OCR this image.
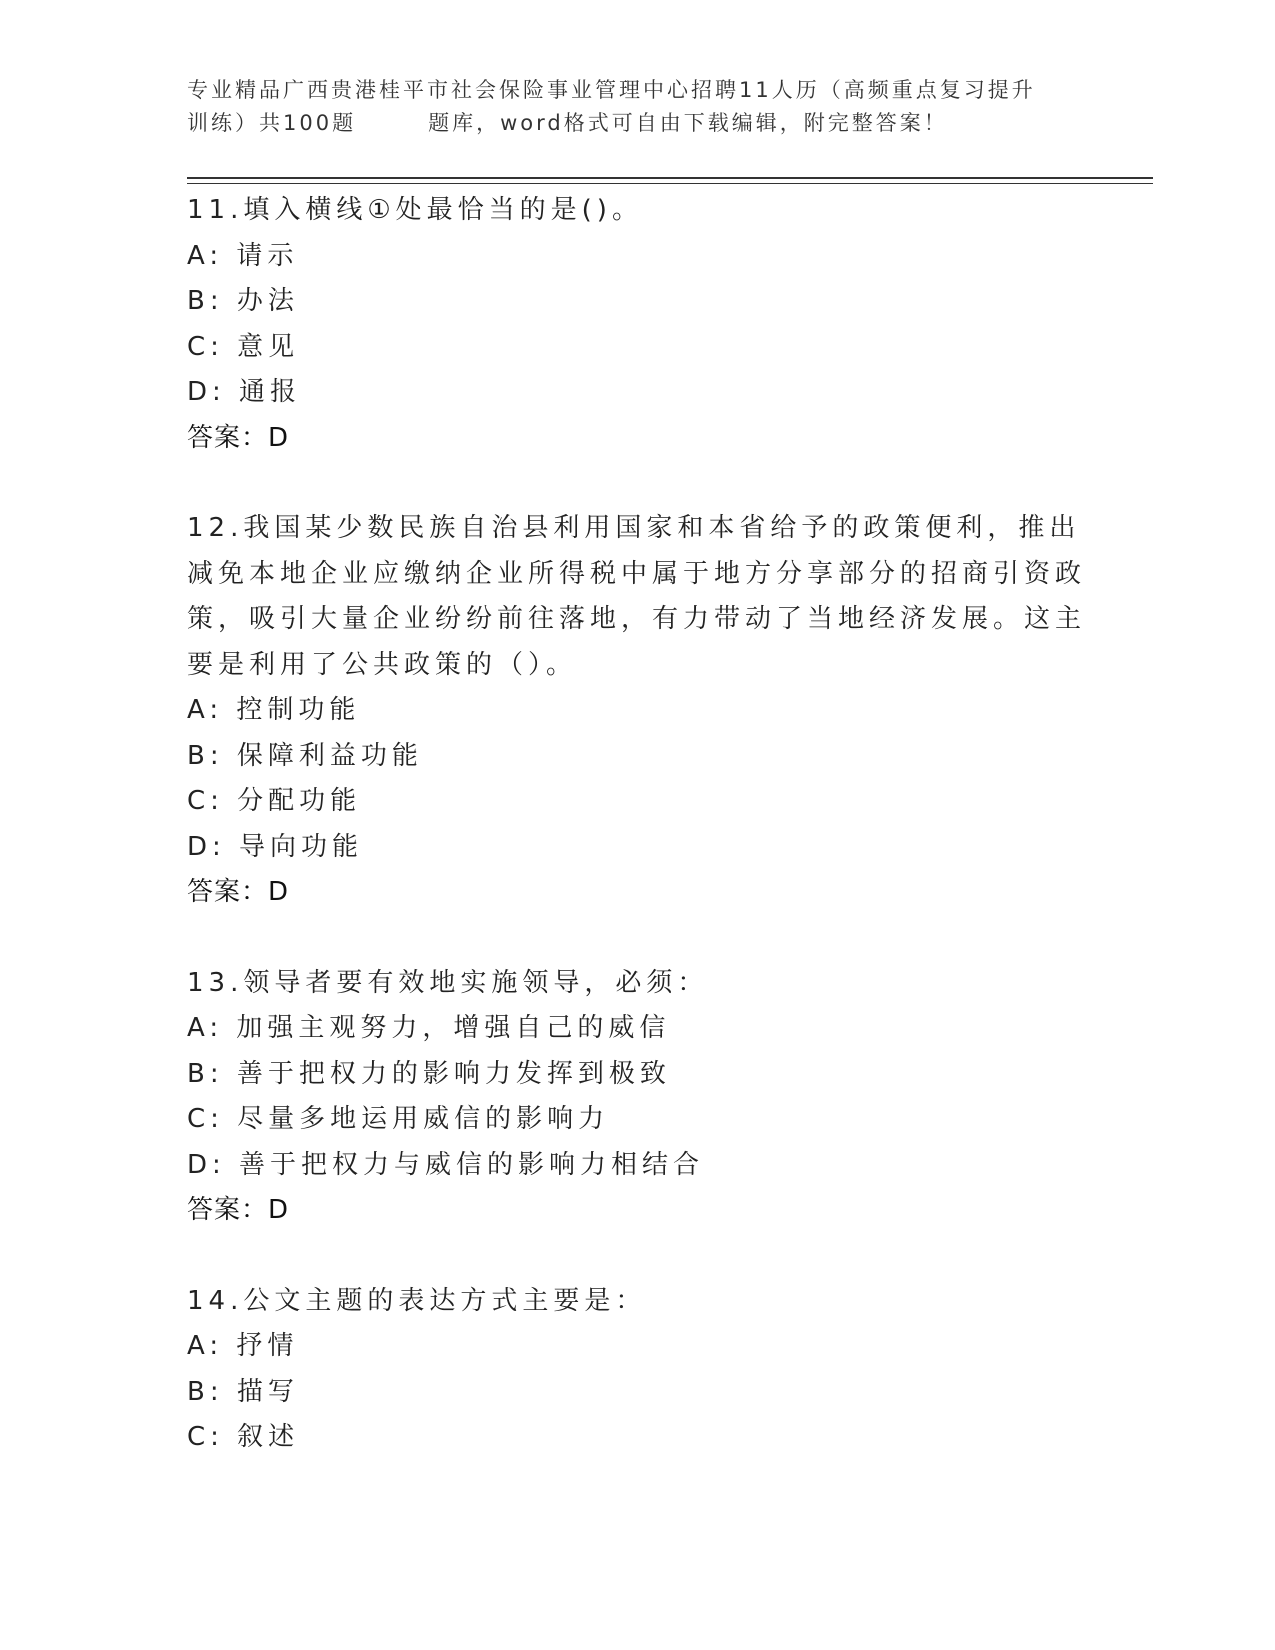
专业精品广西贵港桂平市社会保险事业管理中心招聘11人历（高频重点复习提升
训练）共100题	题库，word格式可自由下载编辑，附完整答案！

11.填入横线①处最恰当的是()。

A: 请示
B: 办法
C: 意见
D: 通报
答案：D

12.我国某少数民族自治县利用国家和本省给予的政策便利，推出减免本地企业应缴纳企业所得税中属于地方分享部分的招商引资政策，吸引大量企业纷纷前往落地，有力带动了当地经济发展。这主要是利用了公共政策的（）。

A: 控制功能
B: 保障利益功能
C: 分配功能
D: 导向功能
答案：D

13.领导者要有效地实施领导，必须：

A: 加强主观努力，增强自己的威信
B: 善于把权力的影响力发挥到极致
C: 尽量多地运用威信的影响力
D: 善于把权力与威信的影响力相结合
答案：D

14.公文主题的表达方式主要是：

A: 抒情
B: 描写
C: 叙述
